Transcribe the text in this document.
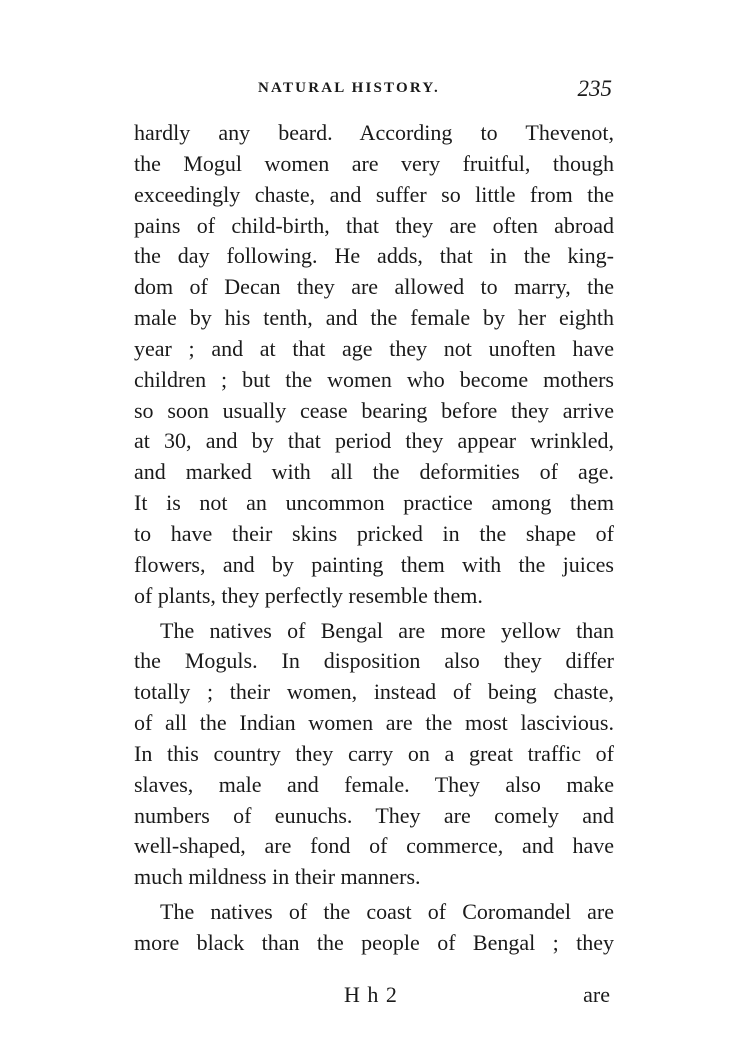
NATURAL HISTORY.	235
hardly any beard. According to Thevenot,
the Mogul women are very fruitful, though
exceedingly chaste, and suffer so little from the
pains of child-birth, that they are often abroad
the day following. He adds, that in the king-
dom of Decan they are allowed to marry, the
male by his tenth, and the female by her eighth
year ; and at that age they not unoften have
children ; but the women who become mothers
so soon usually cease bearing before they arrive
at 30, and by that period they appear wrinkled,
and marked with all the deformities of age.
It is not an uncommon practice among them
to have their skins pricked in the shape of
flowers, and by painting them with the juices
of plants, they perfectly resemble them.
The natives of Bengal are more yellow than
the Moguls. In disposition also they differ
totally ; their women, instead of being chaste,
of all the Indian women are the most lascivious.
In this country they carry on a great traffic of
slaves, male and female. They also make
numbers of eunuchs. They are comely and
well-shaped, are fond of commerce, and have
much mildness in their manners.
The natives of the coast of Coromandel are
more black than the people of Bengal ; they
H h 2	are
